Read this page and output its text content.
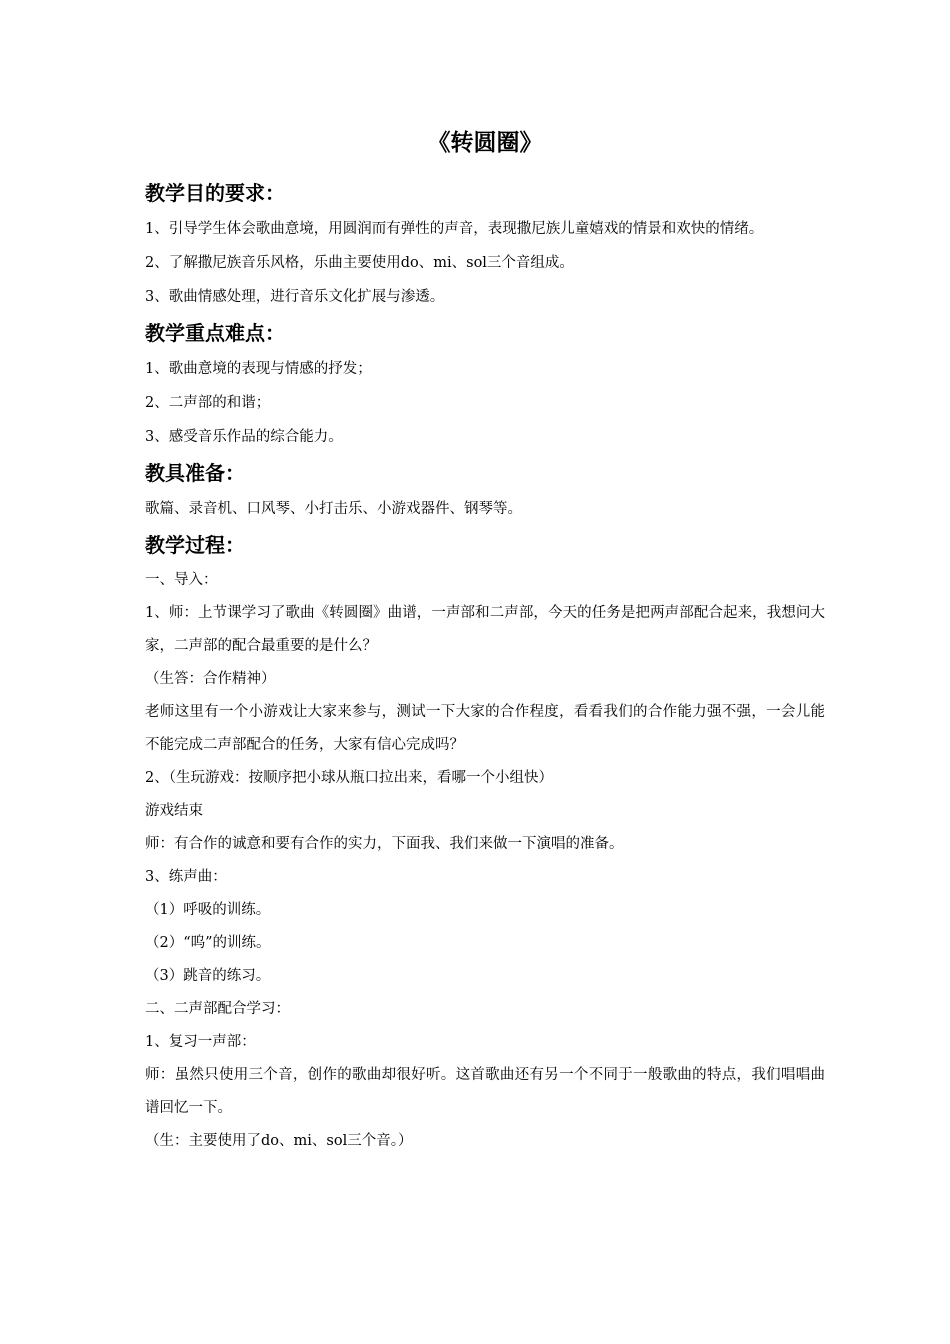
《转圆圈》
教学目的要求：

1、引导学生体会歌曲意境，用圆润而有弹性的声音，表现撒尼族儿童嬉戏的情景和欢快的情绪。

2、了解撒尼族音乐风格，乐曲主要使用do、mi、sol三个音组成。

3、歌曲情感处理，进行音乐文化扩展与渗透。

教学重点难点：

1、歌曲意境的表现与情感的抒发；

2、二声部的和谐；

3、感受音乐作品的综合能力。

教具准备：

歌篇、录音机、口风琴、小打击乐、小游戏器件、钢琴等。

教学过程：

一、导入：

1、师：上节课学习了歌曲《转圆圈》曲谱，一声部和二声部，今天的任务是把两声部配合起来，我想问大家，二声部的配合最重要的是什么？

（生答：合作精神）

老师这里有一个小游戏让大家来参与，测试一下大家的合作程度，看看我们的合作能力强不强，一会儿能不能完成二声部配合的任务，大家有信心完成吗？

2、（生玩游戏：按顺序把小球从瓶口拉出来，看哪一个小组快）

游戏结束

师：有合作的诚意和要有合作的实力，下面我、我们来做一下演唱的准备。

3、练声曲：

（1）呼吸的训练。

（2）“呜”的训练。

（3）跳音的练习。

二、二声部配合学习：

1、复习一声部：

师：虽然只使用三个音，创作的歌曲却很好听。这首歌曲还有另一个不同于一般歌曲的特点，我们唱唱曲谱回忆一下。

（生：主要使用了do、mi、sol三个音。）
